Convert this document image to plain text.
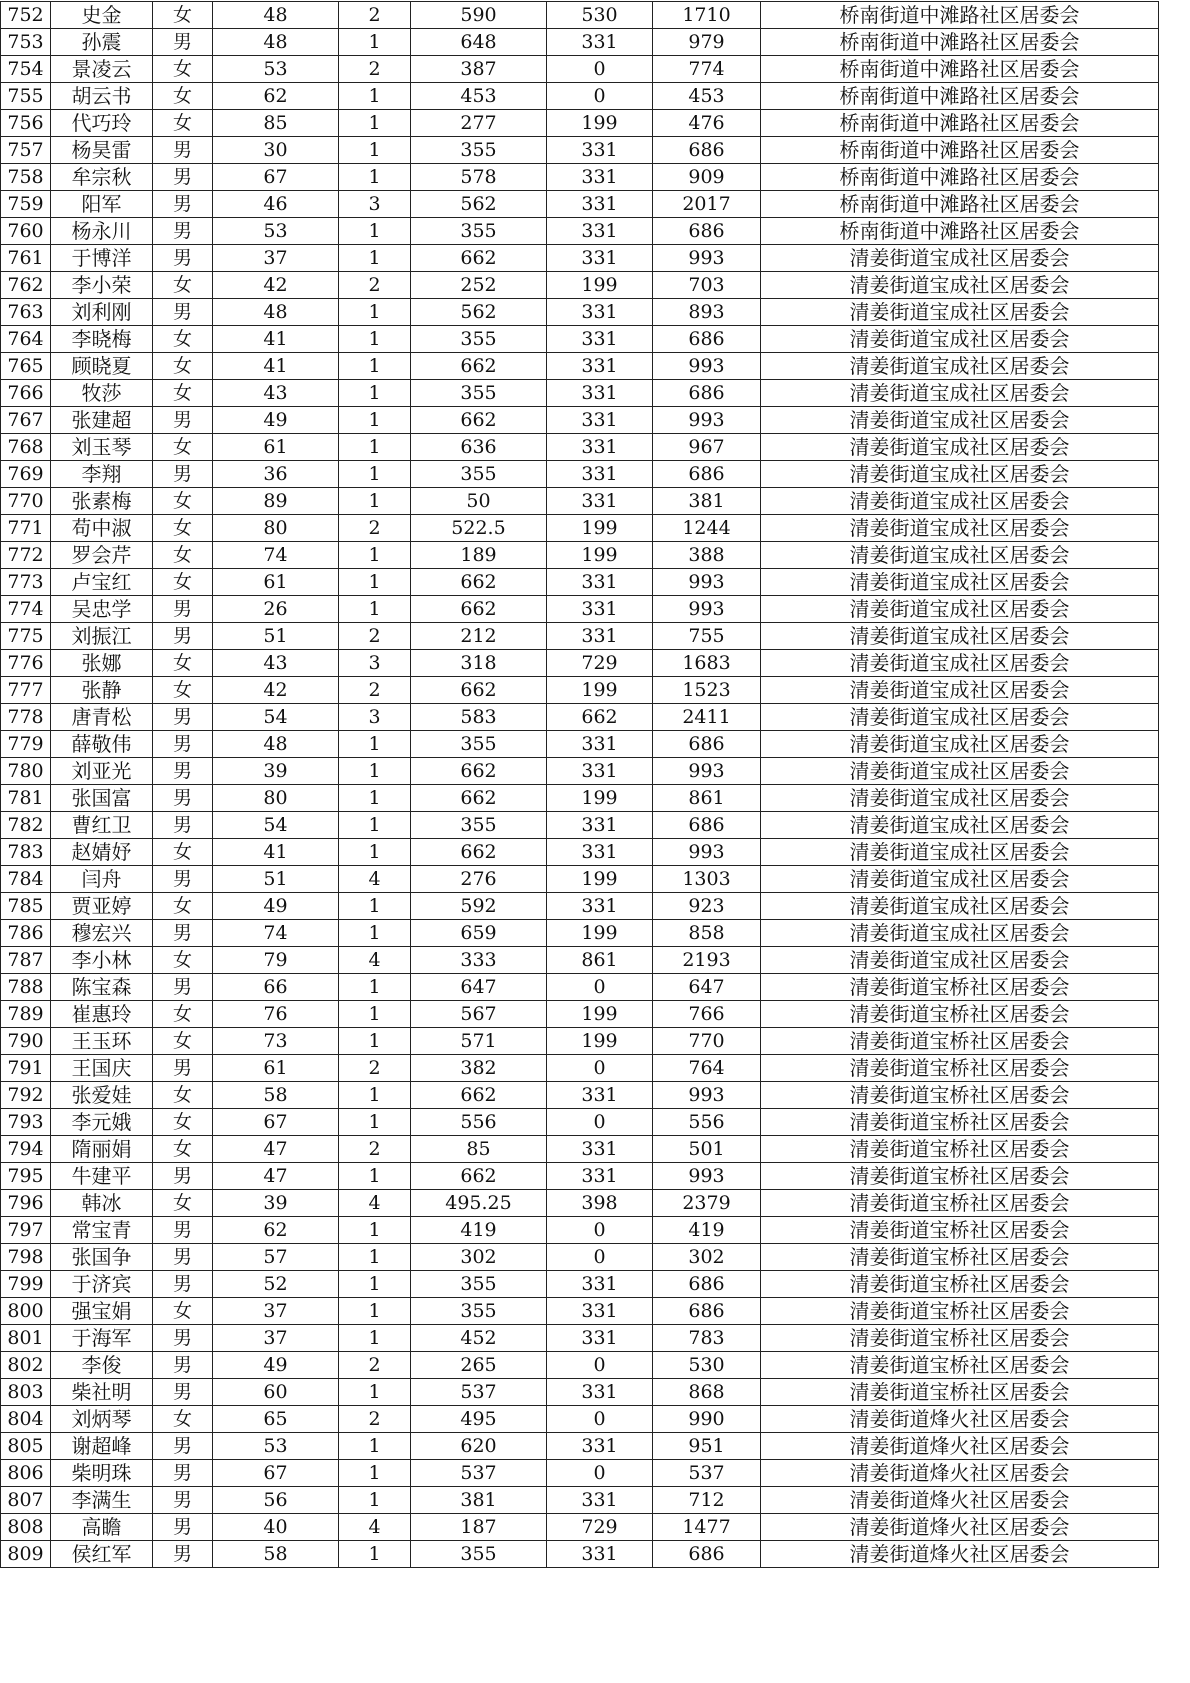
752	史金	女	48	2	590	530	1710	桥南街道中滩路社区居委会
753	孙震	男	48	1	648	331	979	桥南街道中滩路社区居委会
754	景凌云	女	53	2	387	0	774	桥南街道中滩路社区居委会
755	胡云书	女	62	1	453	0	453	桥南街道中滩路社区居委会
756	代巧玲	女	85	1	277	199	476	桥南街道中滩路社区居委会
757	杨昊雷	男	30	1	355	331	686	桥南街道中滩路社区居委会
758	牟宗秋	男	67	1	578	331	909	桥南街道中滩路社区居委会
759	阳军	男	46	3	562	331	2017	桥南街道中滩路社区居委会
760	杨永川	男	53	1	355	331	686	桥南街道中滩路社区居委会
761	于博洋	男	37	1	662	331	993	清姜街道宝成社区居委会
762	李小荣	女	42	2	252	199	703	清姜街道宝成社区居委会
763	刘利刚	男	48	1	562	331	893	清姜街道宝成社区居委会
764	李晓梅	女	41	1	355	331	686	清姜街道宝成社区居委会
765	顾晓夏	女	41	1	662	331	993	清姜街道宝成社区居委会
766	牧莎	女	43	1	355	331	686	清姜街道宝成社区居委会
767	张建超	男	49	1	662	331	993	清姜街道宝成社区居委会
768	刘玉琴	女	61	1	636	331	967	清姜街道宝成社区居委会
769	李翔	男	36	1	355	331	686	清姜街道宝成社区居委会
770	张素梅	女	89	1	50	331	381	清姜街道宝成社区居委会
771	苟中淑	女	80	2	522.5	199	1244	清姜街道宝成社区居委会
772	罗会芹	女	74	1	189	199	388	清姜街道宝成社区居委会
773	卢宝红	女	61	1	662	331	993	清姜街道宝成社区居委会
774	吴忠学	男	26	1	662	331	993	清姜街道宝成社区居委会
775	刘振江	男	51	2	212	331	755	清姜街道宝成社区居委会
776	张娜	女	43	3	318	729	1683	清姜街道宝成社区居委会
777	张静	女	42	2	662	199	1523	清姜街道宝成社区居委会
778	唐青松	男	54	3	583	662	2411	清姜街道宝成社区居委会
779	薛敬伟	男	48	1	355	331	686	清姜街道宝成社区居委会
780	刘亚光	男	39	1	662	331	993	清姜街道宝成社区居委会
781	张国富	男	80	1	662	199	861	清姜街道宝成社区居委会
782	曹红卫	男	54	1	355	331	686	清姜街道宝成社区居委会
783	赵婧妤	女	41	1	662	331	993	清姜街道宝成社区居委会
784	闫舟	男	51	4	276	199	1303	清姜街道宝成社区居委会
785	贾亚婷	女	49	1	592	331	923	清姜街道宝成社区居委会
786	穆宏兴	男	74	1	659	199	858	清姜街道宝成社区居委会
787	李小林	女	79	4	333	861	2193	清姜街道宝成社区居委会
788	陈宝森	男	66	1	647	0	647	清姜街道宝桥社区居委会
789	崔惠玲	女	76	1	567	199	766	清姜街道宝桥社区居委会
790	王玉环	女	73	1	571	199	770	清姜街道宝桥社区居委会
791	王国庆	男	61	2	382	0	764	清姜街道宝桥社区居委会
792	张爱娃	女	58	1	662	331	993	清姜街道宝桥社区居委会
793	李元娥	女	67	1	556	0	556	清姜街道宝桥社区居委会
794	隋丽娟	女	47	2	85	331	501	清姜街道宝桥社区居委会
795	牛建平	男	47	1	662	331	993	清姜街道宝桥社区居委会
796	韩冰	女	39	4	495.25	398	2379	清姜街道宝桥社区居委会
797	常宝青	男	62	1	419	0	419	清姜街道宝桥社区居委会
798	张国争	男	57	1	302	0	302	清姜街道宝桥社区居委会
799	于济宾	男	52	1	355	331	686	清姜街道宝桥社区居委会
800	强宝娟	女	37	1	355	331	686	清姜街道宝桥社区居委会
801	于海军	男	37	1	452	331	783	清姜街道宝桥社区居委会
802	李俊	男	49	2	265	0	530	清姜街道宝桥社区居委会
803	柴社明	男	60	1	537	331	868	清姜街道宝桥社区居委会
804	刘炳琴	女	65	2	495	0	990	清姜街道烽火社区居委会
805	谢超峰	男	53	1	620	331	951	清姜街道烽火社区居委会
806	柴明珠	男	67	1	537	0	537	清姜街道烽火社区居委会
807	李满生	男	56	1	381	331	712	清姜街道烽火社区居委会
808	高瞻	男	40	4	187	729	1477	清姜街道烽火社区居委会
809	侯红军	男	58	1	355	331	686	清姜街道烽火社区居委会
